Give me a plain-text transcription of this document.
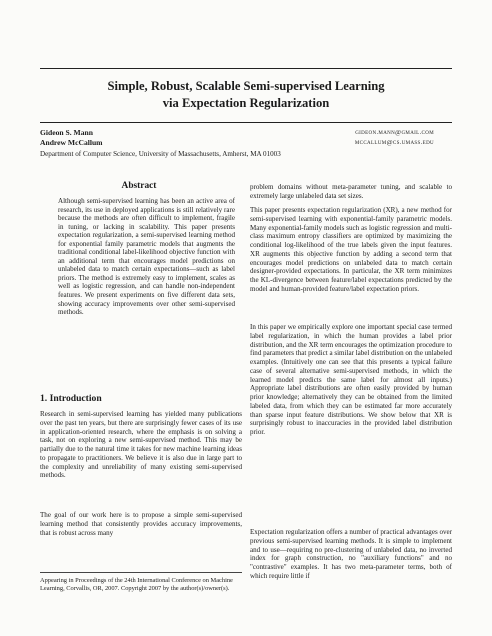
Simple, Robust, Scalable Semi-supervised Learning
via Expectation Regularization
Gideon S. Mann	gideon.mann@gmail.com
Andrew McCallum	mccallum@cs.umass.edu
Department of Computer Science, University of Massachusetts, Amherst, MA 01003
Abstract

Although semi-supervised learning has been an active area of research, its use in deployed applications is still relatively rare because the methods are often difficult to implement, fragile in tuning, or lacking in scalability. This paper presents expectation regularization, a semi-supervised learning method for exponential family parametric models that augments the traditional conditional label-likelihood objective function with an additional term that encourages model predictions on unlabeled data to match certain expectations—such as label priors. The method is extremely easy to implement, scales as well as logistic regression, and can handle non-independent features. We present experiments on five different data sets, showing accuracy improvements over other semi-supervised methods.

1. Introduction

Research in semi-supervised learning has yielded many publications over the past ten years, but there are surprisingly fewer cases of its use in application-oriented research, where the emphasis is on solving a task, not on exploring a new semi-supervised method. This may be partially due to the natural time it takes for new machine learning ideas to propagate to practitioners. We believe it is also due in large part to the complexity and unreliability of many existing semi-supervised methods.

The goal of our work here is to propose a simple semi-supervised learning method that consistently provides accuracy improvements, that is robust across many

Appearing in Proceedings of the 24th International Conference on Machine Learning, Corvallis, OR, 2007. Copyright 2007 by the author(s)/owner(s).

problem domains without meta-parameter tuning, and scalable to extremely large unlabeled data set sizes.

This paper presents expectation regularization (XR), a new method for semi-supervised learning with exponential-family parametric models. Many exponential-family models such as logistic regression and multi-class maximum entropy classifiers are optimized by maximizing the conditional log-likelihood of the true labels given the input features. XR augments this objective function by adding a second term that encourages model predictions on unlabeled data to match certain designer-provided expectations. In particular, the XR term minimizes the KL-divergence between feature/label expectations predicted by the model and human-provided feature/label expectation priors.

In this paper we empirically explore one important special case termed label regularization, in which the human provides a label prior distribution, and the XR term encourages the optimization procedure to find parameters that predict a similar label distribution on the unlabeled examples. (Intuitively one can see that this presents a typical failure case of several alternative semi-supervised methods, in which the learned model predicts the same label for almost all inputs.) Appropriate label distributions are often easily provided by human prior knowledge; alternatively they can be obtained from the limited labeled data, from which they can be estimated far more accurately than sparse input feature distributions. We show below that XR is surprisingly robust to inaccuracies in the provided label distribution prior.

Expectation regularization offers a number of practical advantages over previous semi-supervised learning methods. It is simple to implement and to use—requiring no pre-clustering of unlabeled data, no inverted index for graph construction, no "auxiliary functions" and no "contrastive" examples. It has two meta-parameter terms, both of which require little if
